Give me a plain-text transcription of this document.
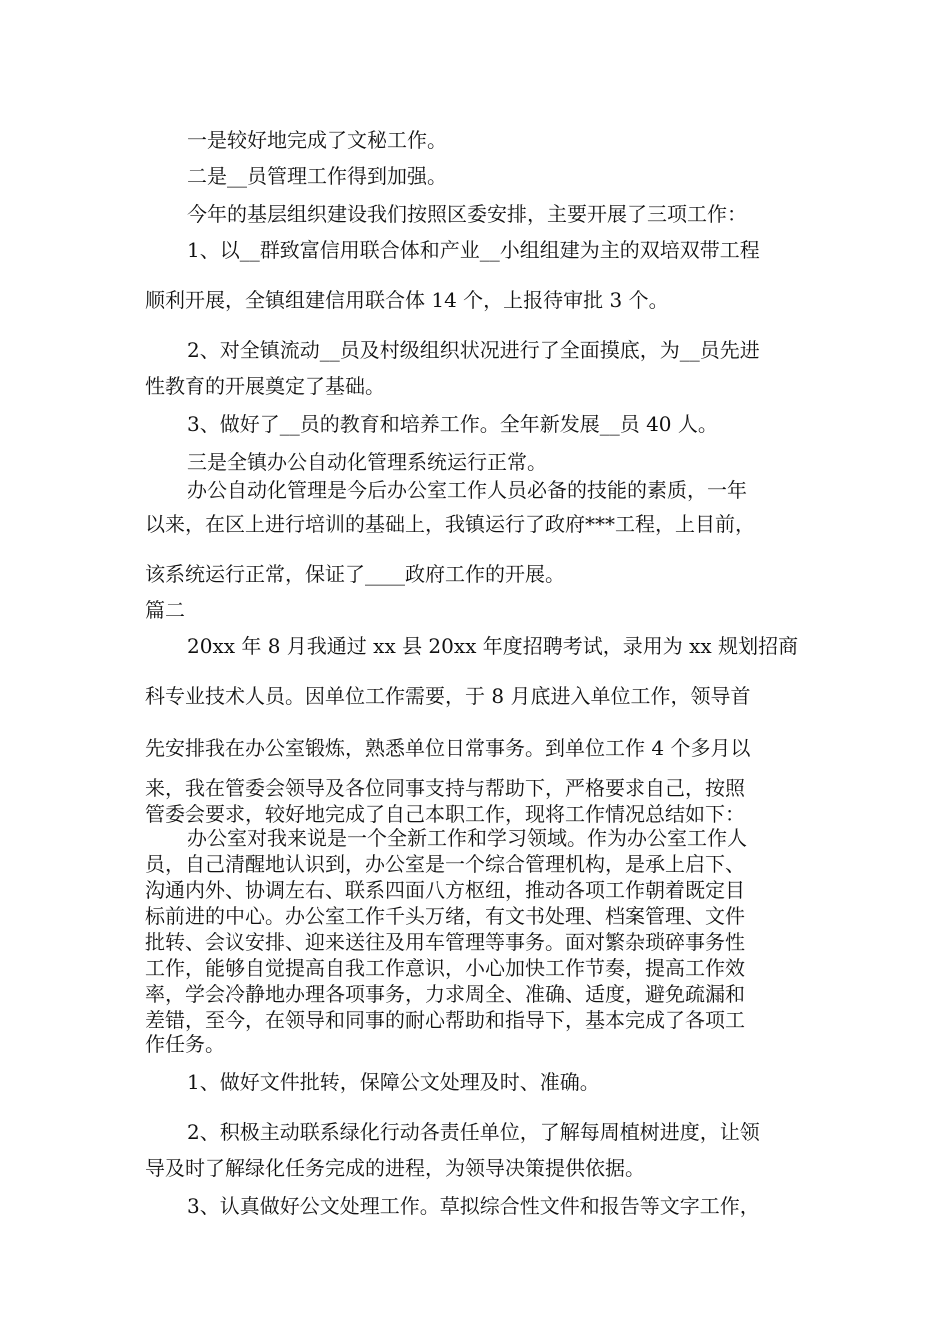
一是较好地完成了文秘工作。
二是__员管理工作得到加强。
今年的基层组织建设我们按照区委安排，主要开展了三项工作：
1、以__群致富信用联合体和产业__小组组建为主的双培双带工程
顺利开展，全镇组建信用联合体 14 个，上报待审批 3 个。
2、对全镇流动__员及村级组织状况进行了全面摸底，为__员先进
性教育的开展奠定了基础。
3、做好了__员的教育和培养工作。全年新发展__员 40 人。
三是全镇办公自动化管理系统运行正常。
办公自动化管理是今后办公室工作人员必备的技能的素质，一年
以来，在区上进行培训的基础上，我镇运行了政府***工程，上目前，
该系统运行正常，保证了____政府工作的开展。
篇二
20xx 年 8 月我通过 xx 县 20xx 年度招聘考试，录用为 xx 规划招商
科专业技术人员。因单位工作需要，于 8 月底进入单位工作，领导首
先安排我在办公室锻炼，熟悉单位日常事务。到单位工作 4 个多月以
来，我在管委会领导及各位同事支持与帮助下，严格要求自己，按照
管委会要求，较好地完成了自己本职工作，现将工作情况总结如下：
办公室对我来说是一个全新工作和学习领域。作为办公室工作人
员，自己清醒地认识到，办公室是一个综合管理机构，是承上启下、
沟通内外、协调左右、联系四面八方枢纽，推动各项工作朝着既定目
标前进的中心。办公室工作千头万绪，有文书处理、档案管理、文件
批转、会议安排、迎来送往及用车管理等事务。面对繁杂琐碎事务性
工作，能够自觉提高自我工作意识，小心加快工作节奏，提高工作效
率，学会冷静地办理各项事务，力求周全、准确、适度，避免疏漏和
差错，至今，在领导和同事的耐心帮助和指导下，基本完成了各项工
作任务。
1、做好文件批转，保障公文处理及时、准确。
2、积极主动联系绿化行动各责任单位，了解每周植树进度，让领
导及时了解绿化任务完成的进程，为领导决策提供依据。
3、认真做好公文处理工作。草拟综合性文件和报告等文字工作，
